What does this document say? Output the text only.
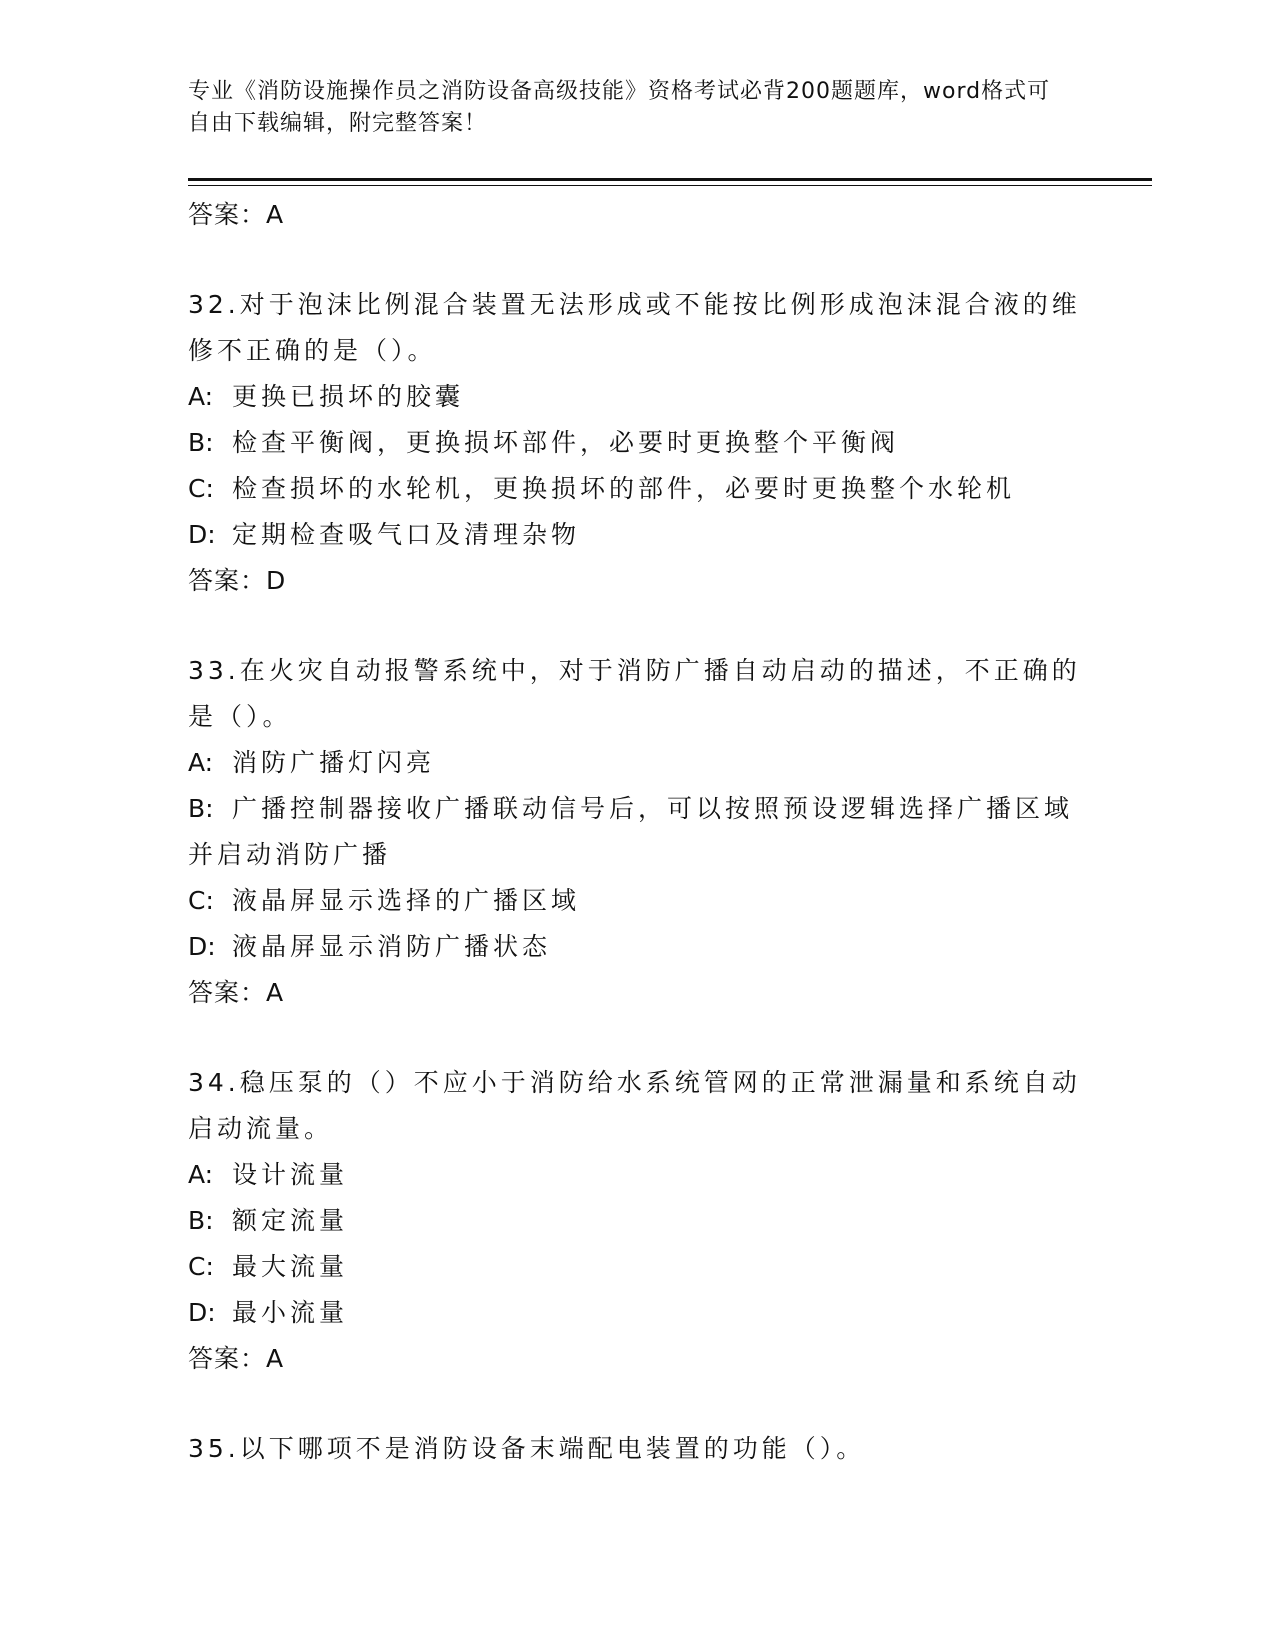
专业《消防设施操作员之消防设备高级技能》资格考试必背200题题库，word格式可自由下载编辑，附完整答案！
答案：A
32.对于泡沫比例混合装置无法形成或不能按比例形成泡沫混合液的维修不正确的是（）。
A: 更换已损坏的胶囊
B: 检查平衡阀，更换损坏部件，必要时更换整个平衡阀
C: 检查损坏的水轮机，更换损坏的部件，必要时更换整个水轮机
D: 定期检查吸气口及清理杂物
答案：D
33.在火灾自动报警系统中，对于消防广播自动启动的描述，不正确的是（）。
A: 消防广播灯闪亮
B: 广播控制器接收广播联动信号后，可以按照预设逻辑选择广播区域并启动消防广播
C: 液晶屏显示选择的广播区域
D: 液晶屏显示消防广播状态
答案：A
34.稳压泵的（）不应小于消防给水系统管网的正常泄漏量和系统自动启动流量。
A: 设计流量
B: 额定流量
C: 最大流量
D: 最小流量
答案：A
35.以下哪项不是消防设备末端配电装置的功能（）。
